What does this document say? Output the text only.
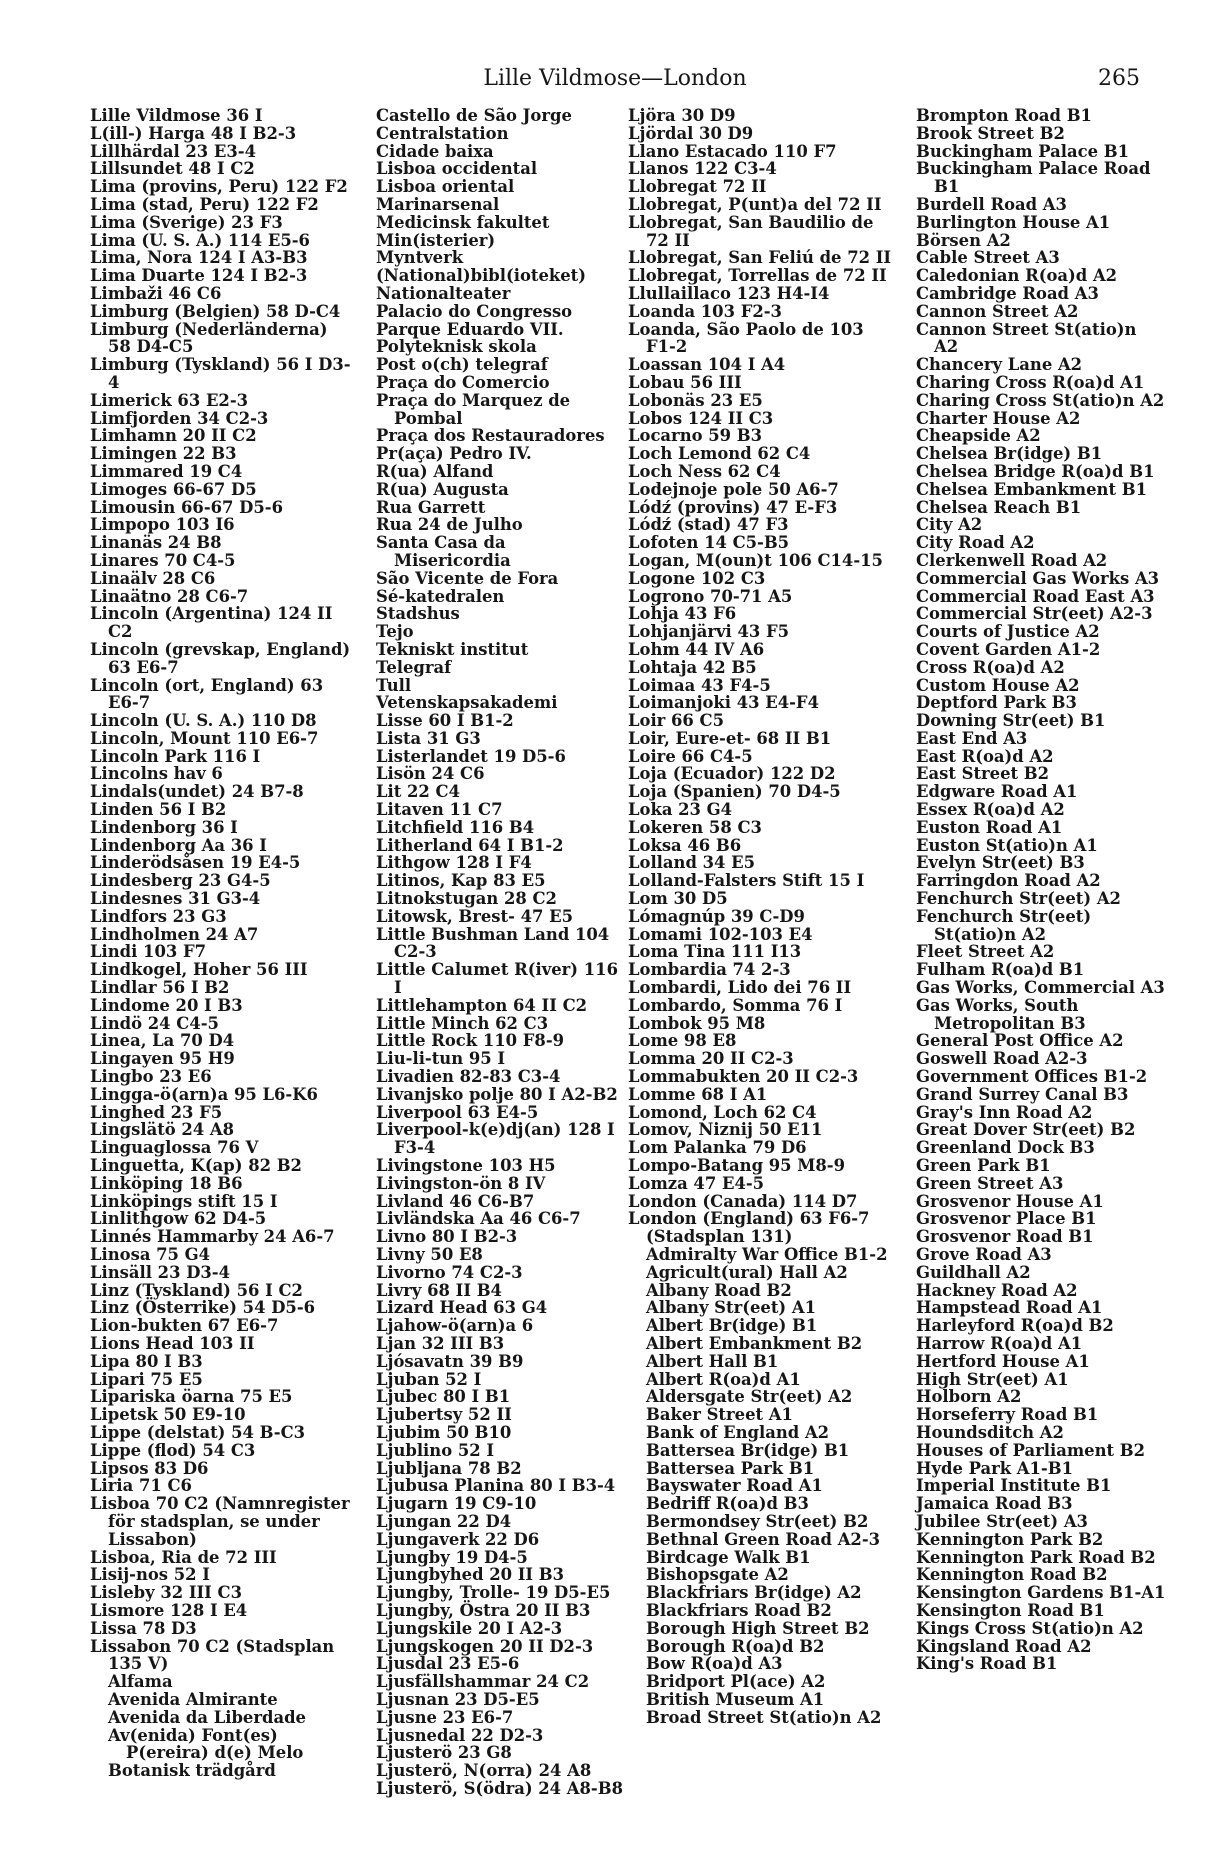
Lille Vildmose—London	265
Lille Vildmose 36 I
L(ill-) Harga 48 I B2-3
Lillhärdal 23 E3-4
Lillsundet 48 I C2
Lima (provins, Peru) 122 F2
Lima (stad, Peru) 122 F2
Lima (Sverige) 23 F3
Lima (U. S. A.) 114 E5-6
Lima, Nora 124 I A3-B3
Lima Duarte 124 I B2-3
Limbaži 46 C6
Limburg (Belgien) 58 D-C4
Limburg (Nederländerna) 58 D4-C5
Limburg (Tyskland) 56 I D3-4
Limerick 63 E2-3
Limfjorden 34 C2-3
Limhamn 20 II C2
Limingen 22 B3
Limmared 19 C4
Limoges 66-67 D5
Limousin 66-67 D5-6
Limpopo 103 I6
Linanäs 24 B8
Linares 70 C4-5
Linaälv 28 C6
Linaätno 28 C6-7
Lincoln (Argentina) 124 II C2
Lincoln (grevskap, England) 63 E6-7
Lincoln (ort, England) 63 E6-7
Lincoln (U. S. A.) 110 D8
Lincoln, Mount 110 E6-7
Lincoln Park 116 I
Lincolns hav 6
Lindals(undet) 24 B7-8
Linden 56 I B2
Lindenborg 36 I
Lindenborg Aa 36 I
Linderödsåsen 19 E4-5
Lindesberg 23 G4-5
Lindesnes 31 G3-4
Lindfors 23 G3
Lindholmen 24 A7
Lindi 103 F7
Lindkogel, Hoher 56 III
Lindlar 56 I B2
Lindome 20 I B3
Lindö 24 C4-5
Linea, La 70 D4
Lingayen 95 H9
Lingbo 23 E6
Lingga-ö(arn)a 95 L6-K6
Linghed 23 F5
Lingslätö 24 A8
Linguaglossa 76 V
Linguetta, K(ap) 82 B2
Linköping 18 B6
Linköpings stift 15 I
Linlithgow 62 D4-5
Linnés Hammarby 24 A6-7
Linosa 75 G4
Linsäll 23 D3-4
Linz (Tyskland) 56 I C2
Linz (Österrike) 54 D5-6
Lion-bukten 67 E6-7
Lions Head 103 II
Lipa 80 I B3
Lipari 75 E5
Lipariska öarna 75 E5
Lipetsk 50 E9-10
Lippe (delstat) 54 B-C3
Lippe (flod) 54 C3
Lipsos 83 D6
Liria 71 C6
Lisboa 70 C2 (Namnregister för stadsplan, se under Lissabon)
Lisboa, Ria de 72 III
Lisij-nos 52 I
Lisleby 32 III C3
Lismore 128 I E4
Lissa 78 D3
Lissabon 70 C2 (Stadsplan 135 V)
Alfama
Avenida Almirante
Avenida da Liberdade
Av(enida) Font(es) P(ereira) d(e) Melo
Botanisk trädgård
Castello de São Jorge
Centralstation
Cidade baixa
Lisboa occidental
Lisboa oriental
Marinarsenal
Medicinsk fakultet
Min(isterier)
Myntverk
(National)bibl(ioteket)
Nationalteater
Palacio do Congresso
Parque Eduardo VII.
Polyteknisk skola
Post o(ch) telegraf
Praça do Comercio
Praça do Marquez de Pombal
Praça dos Restauradores
Pr(aça) Pedro IV.
R(ua) Alfand
R(ua) Augusta
Rua Garrett
Rua 24 de Julho
Santa Casa da Misericordia
São Vicente de Fora
Sé-katedralen
Stadshus
Tejo
Tekniskt institut
Telegraf
Tull
Vetenskapsakademi
Lisse 60 I B1-2
Lista 31 G3
Listerlandet 19 D5-6
Lisön 24 C6
Lit 22 C4
Litaven 11 C7
Litchfield 116 B4
Litherland 64 I B1-2
Lithgow 128 I F4
Litinos, Kap 83 E5
Litnokstugan 28 C2
Litowsk, Brest- 47 E5
Little Bushman Land 104 C2-3
Little Calumet R(iver) 116 I
Littlehampton 64 II C2
Little Minch 62 C3
Little Rock 110 F8-9
Liu-li-tun 95 I
Livadien 82-83 C3-4
Livanjsko polje 80 I A2-B2
Liverpool 63 E4-5
Liverpool-k(e)dj(an) 128 I F3-4
Livingstone 103 H5
Livingston-ön 8 IV
Livland 46 C6-B7
Livländska Aa 46 C6-7
Livno 80 I B2-3
Livny 50 E8
Livorno 74 C2-3
Livry 68 II B4
Lizard Head 63 G4
Ljahow-ö(arn)a 6
Ljan 32 III B3
Ljósavatn 39 B9
Ljuban 52 I
Ljubec 80 I B1
Ljubertsy 52 II
Ljubim 50 B10
Ljublino 52 I
Ljubljana 78 B2
Ljubusa Planina 80 I B3-4
Ljugarn 19 C9-10
Ljungan 22 D4
Ljungaverk 22 D6
Ljungby 19 D4-5
Ljungbyhed 20 II B3
Ljungby, Trolle- 19 D5-E5
Ljungby, Östra 20 II B3
Ljungskile 20 I A2-3
Ljungskogen 20 II D2-3
Ljusdal 23 E5-6
Ljusfällshammar 24 C2
Ljusnan 23 D5-E5
Ljusne 23 E6-7
Ljusnedal 22 D2-3
Ljusterö 23 G8
Ljusterö, N(orra) 24 A8
Ljusterö, S(ödra) 24 A8-B8
Ljöra 30 D9
Ljördal 30 D9
Llano Estacado 110 F7
Llanos 122 C3-4
Llobregat 72 II
Llobregat, P(unt)a del 72 II
Llobregat, San Baudilio de 72 II
Llobregat, San Feliú de 72 II
Llobregat, Torrellas de 72 II
Llullaillaco 123 H4-I4
Loanda 103 F2-3
Loanda, São Paolo de 103 F1-2
Loassan 104 I A4
Lobau 56 III
Lobonäs 23 E5
Lobos 124 II C3
Locarno 59 B3
Loch Lemond 62 C4
Loch Ness 62 C4
Lodejnoje pole 50 A6-7
Lódź (provins) 47 E-F3
Lódź (stad) 47 F3
Lofoten 14 C5-B5
Logan, M(oun)t 106 C14-15
Logone 102 C3
Logrono 70-71 A5
Lohja 43 F6
Lohjanjärvi 43 F5
Lohm 44 IV A6
Lohtaja 42 B5
Loimaa 43 F4-5
Loimanjoki 43 E4-F4
Loir 66 C5
Loir, Eure-et- 68 II B1
Loire 66 C4-5
Loja (Ecuador) 122 D2
Loja (Spanien) 70 D4-5
Loka 23 G4
Lokeren 58 C3
Loksa 46 B6
Lolland 34 E5
Lolland-Falsters Stift 15 I
Lom 30 D5
Lómagnúp 39 C-D9
Lomami 102-103 E4
Loma Tina 111 I13
Lombardia 74 2-3
Lombardi, Lido dei 76 II
Lombardo, Somma 76 I
Lombok 95 M8
Lome 98 E8
Lomma 20 II C2-3
Lommabukten 20 II C2-3
Lomme 68 I A1
Lomond, Loch 62 C4
Lomov, Niznij 50 E11
Lom Palanka 79 D6
Lompo-Batang 95 M8-9
Lomza 47 E4-5
London (Canada) 114 D7
London (England) 63 F6-7 (Stadsplan 131)
Admiralty War Office B1-2
Agricult(ural) Hall A2
Albany Road B2
Albany Str(eet) A1
Albert Br(idge) B1
Albert Embankment B2
Albert Hall B1
Albert R(oa)d A1
Aldersgate Str(eet) A2
Baker Street A1
Bank of England A2
Battersea Br(idge) B1
Battersea Park B1
Bayswater Road A1
Bedriff R(oa)d B3
Bermondsey Str(eet) B2
Bethnal Green Road A2-3
Birdcage Walk B1
Bishopsgate A2
Blackfriars Br(idge) A2
Blackfriars Road B2
Borough High Street B2
Borough R(oa)d B2
Bow R(oa)d A3
Bridport Pl(ace) A2
British Museum A1
Broad Street St(atio)n A2
Brompton Road B1
Brook Street B2
Buckingham Palace B1
Buckingham Palace Road B1
Burdell Road A3
Burlington House A1
Börsen A2
Cable Street A3
Caledonian R(oa)d A2
Cambridge Road A3
Cannon Street A2
Cannon Street St(atio)n A2
Chancery Lane A2
Charing Cross R(oa)d A1
Charing Cross St(atio)n A2
Charter House A2
Cheapside A2
Chelsea Br(idge) B1
Chelsea Bridge R(oa)d B1
Chelsea Embankment B1
Chelsea Reach B1
City A2
City Road A2
Clerkenwell Road A2
Commercial Gas Works A3
Commercial Road East A3
Commercial Str(eet) A2-3
Courts of Justice A2
Covent Garden A1-2
Cross R(oa)d A2
Custom House A2
Deptford Park B3
Downing Str(eet) B1
East End A3
East R(oa)d A2
East Street B2
Edgware Road A1
Essex R(oa)d A2
Euston Road A1
Euston St(atio)n A1
Evelyn Str(eet) B3
Farringdon Road A2
Fenchurch Str(eet) A2
Fenchurch Str(eet) St(atio)n A2
Fleet Street A2
Fulham R(oa)d B1
Gas Works, Commercial A3
Gas Works, South Metropolitan B3
General Post Office A2
Goswell Road A2-3
Government Offices B1-2
Grand Surrey Canal B3
Gray's Inn Road A2
Great Dover Str(eet) B2
Greenland Dock B3
Green Park B1
Green Street A3
Grosvenor House A1
Grosvenor Place B1
Grosvenor Road B1
Grove Road A3
Guildhall A2
Hackney Road A2
Hampstead Road A1
Harleyford R(oa)d B2
Harrow R(oa)d A1
Hertford House A1
High Str(eet) A1
Holborn A2
Horseferry Road B1
Houndsditch A2
Houses of Parliament B2
Hyde Park A1-B1
Imperial Institute B1
Jamaica Road B3
Jubilee Str(eet) A3
Kennington Park B2
Kennington Park Road B2
Kennington Road B2
Kensington Gardens B1-A1
Kensington Road B1
Kings Cross St(atio)n A2
Kingsland Road A2
King's Road B1
